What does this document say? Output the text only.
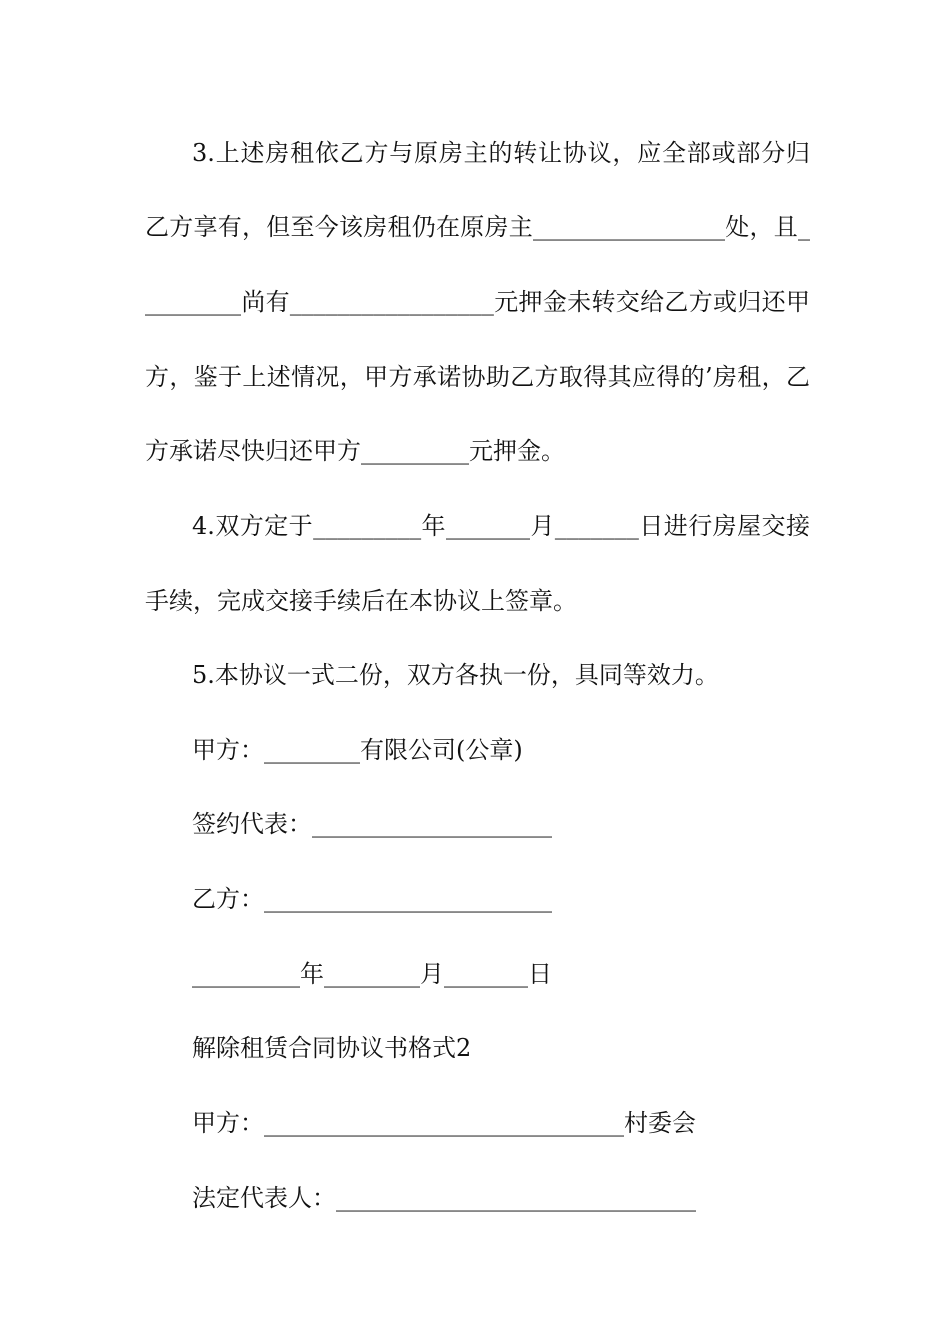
3.上述房租依乙方与原房主的转让协议，应全部或部分归
乙方享有，但至今该房租仍在原房主________________处，且_
________尚有_________________元押金未转交给乙方或归还甲
方，鉴于上述情况，甲方承诺协助乙方取得其应得的’房租，乙
方承诺尽快归还甲方_________元押金。
4.双方定于_________年_______月_______日进行房屋交接
手续，完成交接手续后在本协议上签章。
5.本协议一式二份，双方各执一份，具同等效力。
甲方：________有限公司(公章)
签约代表：____________________
乙方：________________________
_________年________月_______日
解除租赁合同协议书格式2
甲方：______________________________村委会
法定代表人：______________________________
